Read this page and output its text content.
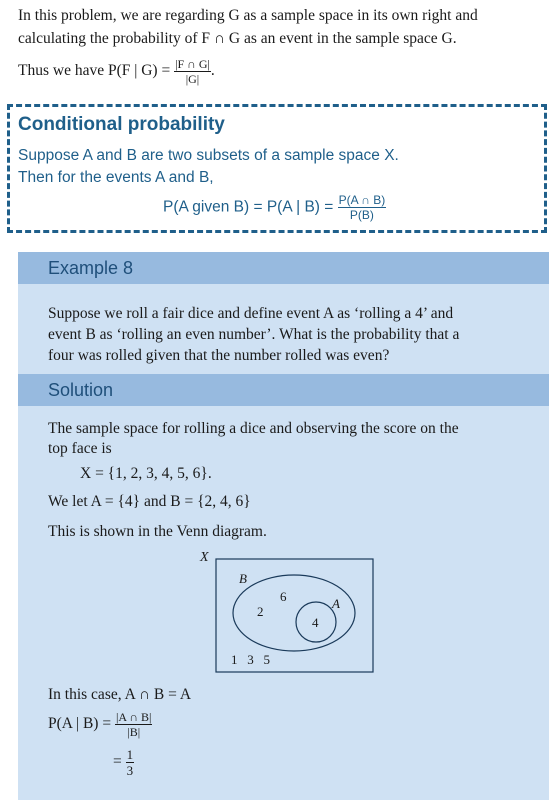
In this problem, we are regarding G as a sample space in its own right and
calculating the probability of F ∩ G as an event in the sample space G.
Thus we have P(F | $G) = \frac{|F \cap G|}{|G|}$ .
Conditional probability
Suppose A and B are two subsets of a sample space X.
Then for the events A and B,
P(A given B) = P(A | $B) = \frac{P(A \cap B)}{P(B)}$
Example 8
Suppose we roll a fair dice and define event A as ‘rolling a 4’ and
event B as ‘rolling an even number’. What is the probability that a
four was rolled given that the number rolled was even?
Solution
The sample space for rolling a dice and observing the score on the
top face is
X = {1, 2, 3, 4, 5, 6}.
We let A = {4} and B = {2, 4, 6}
This is shown in the Venn diagram.
X
B
A
2
6
4
1   3   5
In this case, A ∩ B = A
P(A | $B) = \frac{|A \cap B|}{|B|}$
= $\frac{1}{3}$
